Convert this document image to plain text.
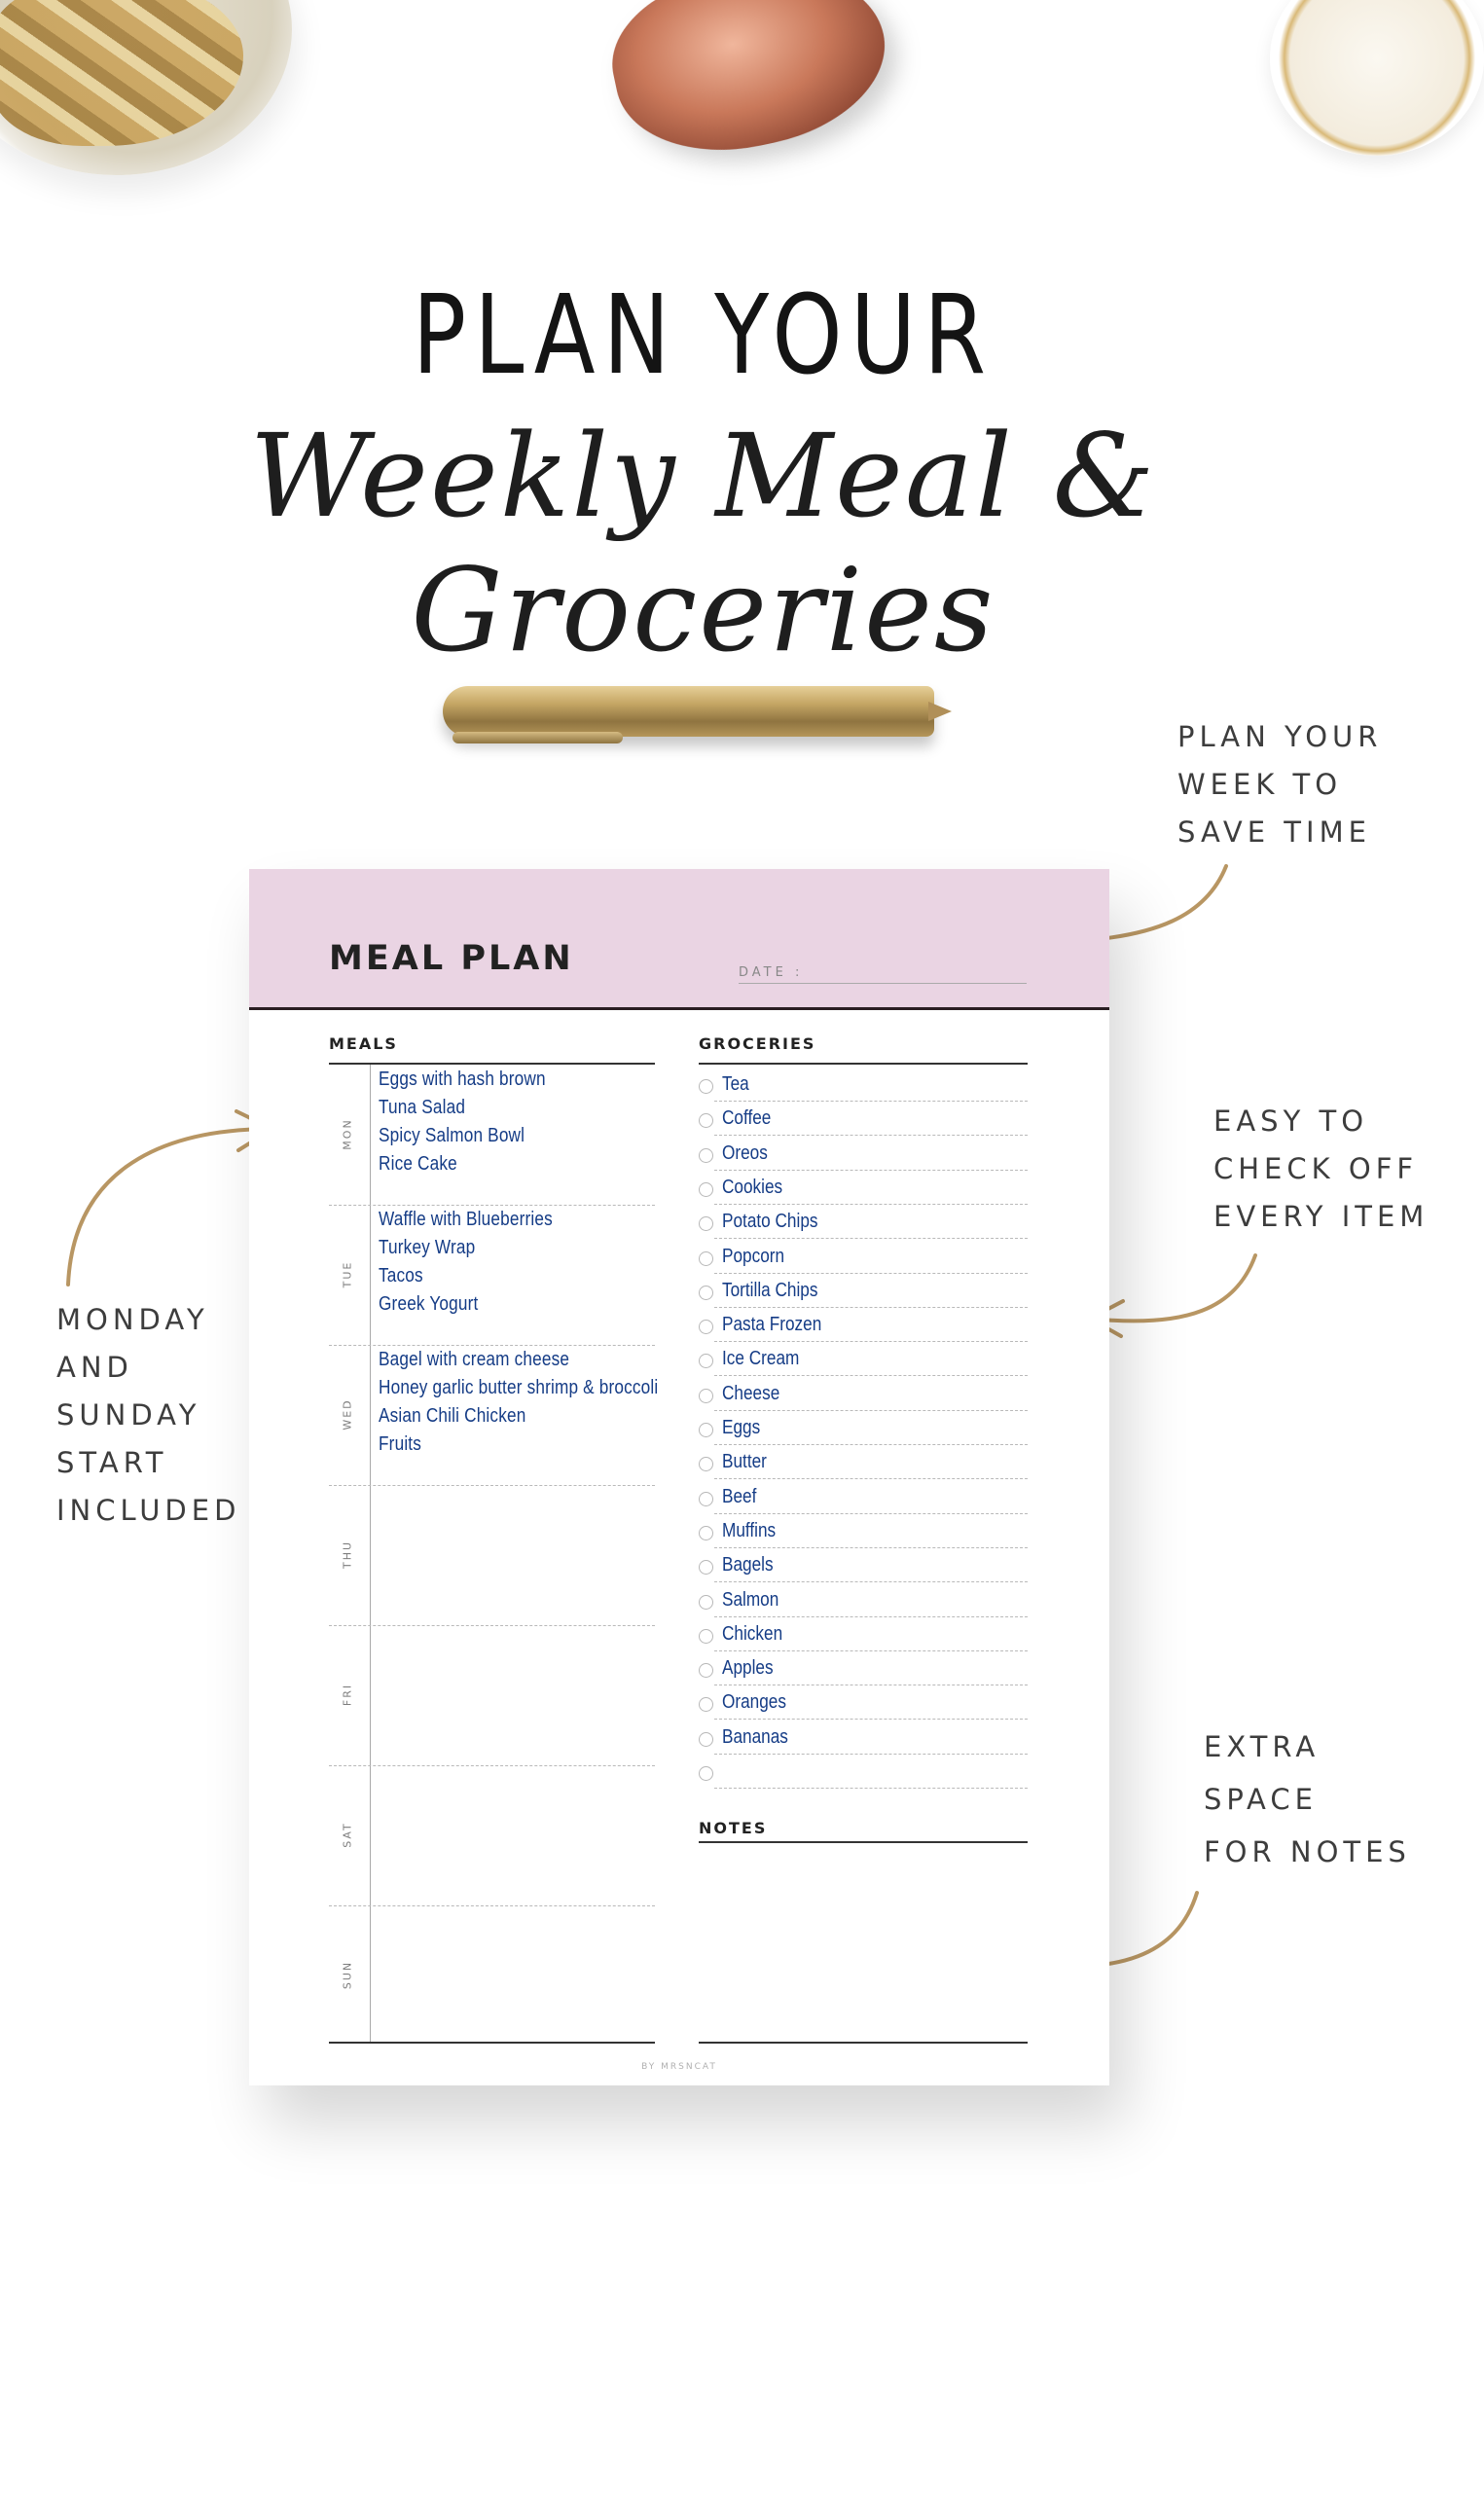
PLAN YOUR
Weekly Meal & Groceries
PLAN YOUR
WEEK TO
SAVE TIME
EASY TO
CHECK OFF
EVERY ITEM
MONDAY
AND
SUNDAY
START
INCLUDED
EXTRA
SPACE
FOR NOTES
MEAL PLAN	DATE :
MEALS
MON
Eggs with hash brown
Tuna Salad
Spicy Salmon Bowl
Rice Cake
TUE
Waffle with Blueberries
Turkey Wrap
Tacos
Greek Yogurt
WED
Bagel with cream cheese
Honey garlic butter shrimp & broccoli
Asian Chili Chicken
Fruits
THU
FRI
SAT
SUN
GROCERIES
Tea
Coffee
Oreos
Cookies
Potato Chips
Popcorn
Tortilla Chips
Pasta Frozen
Ice Cream
Cheese
Eggs
Butter
Beef
Muffins
Bagels
Salmon
Chicken
Apples
Oranges
Bananas
NOTES
BY MRSNCAT
